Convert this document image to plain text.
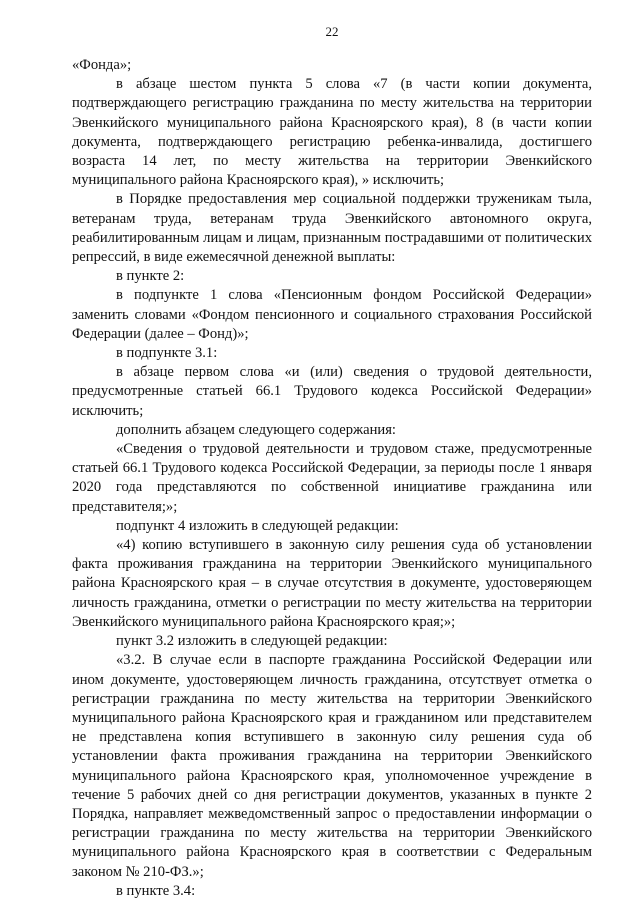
22

«Фонда»;

в абзаце шестом пункта 5 слова «7 (в части копии документа, подтверждающего регистрацию гражданина по месту жительства на территории Эвенкийского муниципального района Красноярского края), 8 (в части копии документа, подтверждающего регистрацию ребенка-инвалида, достигшего возраста 14 лет, по месту жительства на территории Эвенкийского муниципального района Красноярского края), » исключить;

в Порядке предоставления мер социальной поддержки труженикам тыла, ветеранам труда, ветеранам труда Эвенкийского автономного округа, реабилитированным лицам и лицам, признанным пострадавшими от политических репрессий, в виде ежемесячной денежной выплаты:

в пункте 2:

в подпункте 1 слова «Пенсионным фондом Российской Федерации» заменить словами «Фондом пенсионного и социального страхования Российской Федерации (далее – Фонд)»;

в подпункте 3.1:

в абзаце первом слова «и (или) сведения о трудовой деятельности, предусмотренные статьей 66.1 Трудового кодекса Российской Федерации» исключить;

дополнить абзацем следующего содержания:

«Сведения о трудовой деятельности и трудовом стаже, предусмотренные статьей 66.1 Трудового кодекса Российской Федерации, за периоды после 1 января 2020 года представляются по собственной инициативе гражданина или представителя;»;

подпункт 4 изложить в следующей редакции:

«4) копию вступившего в законную силу решения суда об установлении факта проживания гражданина на территории Эвенкийского муниципального района Красноярского края – в случае отсутствия в документе, удостоверяющем личность гражданина, отметки о регистрации по месту жительства на территории Эвенкийского муниципального района Красноярского края;»;

пункт 3.2 изложить в следующей редакции:

«3.2. В случае если в паспорте гражданина Российской Федерации или ином документе, удостоверяющем личность гражданина, отсутствует отметка о регистрации гражданина по месту жительства на территории Эвенкийского муниципального района Красноярского края и гражданином или представителем не представлена копия вступившего в законную силу решения суда об установлении факта проживания гражданина на территории Эвенкийского муниципального района Красноярского края, уполномоченное учреждение в течение 5 рабочих дней со дня регистрации документов, указанных в пункте 2 Порядка, направляет межведомственный запрос о предоставлении информации о регистрации гражданина по месту жительства на территории Эвенкийского муниципального района Красноярского края в соответствии с Федеральным законом № 210-ФЗ.»;

в пункте 3.4:
